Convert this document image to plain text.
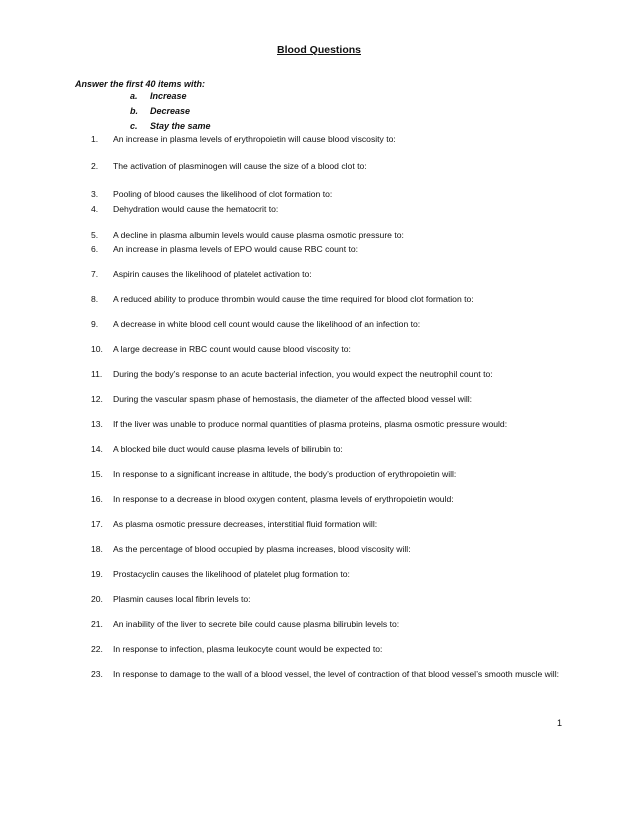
Blood Questions
Answer the first 40 items with:
a.	Increase
b.	Decrease
c.	Stay the same
1.	An increase in plasma levels of erythropoietin will cause blood viscosity to:
2.	The activation of plasminogen will cause the size of a blood clot to:
3.	Pooling of blood causes the likelihood of clot formation to:
4.	Dehydration would cause the hematocrit to:
5.	A decline in plasma albumin levels would cause plasma osmotic pressure to:
6.	An increase in plasma levels of EPO would cause RBC count to:
7.	Aspirin causes the likelihood of platelet activation to:
8.	A reduced ability to produce thrombin would cause the time required for blood clot formation to:
9.	A decrease in white blood cell count would cause the likelihood of an infection to:
10.	A large decrease in RBC count would cause blood viscosity to:
11.	During the body’s response to an acute bacterial infection, you would expect the neutrophil count to:
12.	During the vascular spasm phase of hemostasis, the diameter of the affected blood vessel will:
13.	If the liver was unable to produce normal quantities of plasma proteins, plasma osmotic pressure would:
14.	A blocked bile duct would cause plasma levels of bilirubin to:
15.	In response to a significant increase in altitude, the body’s production of erythropoietin will:
16.	In response to a decrease in blood oxygen content, plasma levels of erythropoietin would:
17.	As plasma osmotic pressure decreases, interstitial fluid formation will:
18.	As the percentage of blood occupied by plasma increases, blood viscosity will:
19.	Prostacyclin causes the likelihood of platelet plug formation to:
20.	Plasmin causes local fibrin levels to:
21.	An inability of the liver to secrete bile could cause plasma bilirubin levels to:
22.	In response to infection, plasma leukocyte count would be expected to:
23.	In response to damage to the wall of a blood vessel, the level of contraction of that blood vessel’s smooth muscle will:
1
